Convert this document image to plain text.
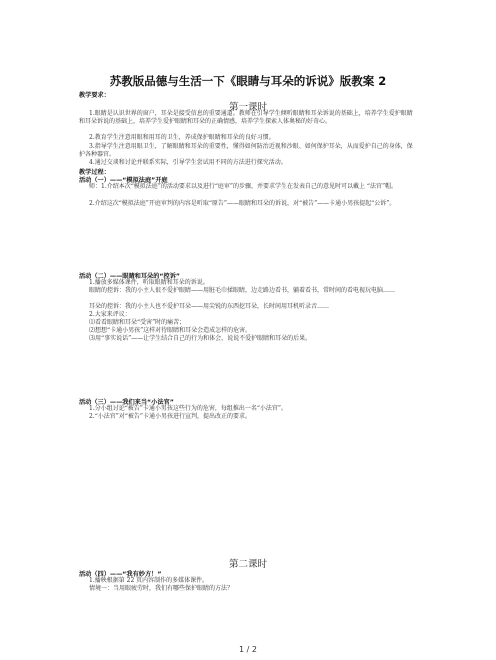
苏教版品德与生活一下《眼睛与耳朵的诉说》版教案 2
教学要求：
第一课时
1.眼睛是认识世界的窗户，耳朵是接受信息的重要通道。教师在引导学生倾听眼睛和耳朵诉说的基础上，培养学生爱护眼睛和耳朵诉说的基础上，培养学生爱护眼睛和耳朵的正确情感，培养学生探索人体奥秘的好奇心。
2.教育学生注意用眼和用耳的卫生，养成保护眼睛和耳朵的良好习惯。
3.指导学生注意用眼卫生，了解眼睛和耳朵的重要性，懂得如何防治近视和沙眼、如何保护耳朵，从而爱护自己的身体，保护各种器官。
4.通过交谈和讨论并联系实际，引导学生尝试用不同的方法进行探究活动。
教学过程：
活动（一）——“模拟法庭”开庭
师：1.介绍本次“模拟法庭”的活动要求以及进行“庭审”的步骤，并要求学生在发表自己的意见时可以戴上 “法官”帽。
2.介绍这次“模拟法庭”开庭审判的内容是听取“原告”——眼睛和耳朵的诉说，对“被告”——卡通小男孩提起“公诉”。
活动（二）——眼睛和耳朵的“控诉”
1.播放多媒体课件，听取眼睛和耳朵的诉说。
眼睛的控诉：我的小主人很不爱护眼睛——用脏毛巾揉眼睛，边走路边看书，躺着看书，常时间的看电视玩电脑……
耳朵的控诉：我的小主人也不爱护耳朵——用尖锐的东西挖耳朵，长时间用耳机听录音……
2.大家来评议：
⑴看看眼睛和耳朵“受害”时的痛苦；
⑵想想“卡通小男孩”这样对待眼睛和耳朵会造成怎样的危害。
⑶用“事实说话”——让学生结合自己的行为和体会，说说不爱护眼睛和耳朵的后果。
活动（三）——我们来当“小法官”
1.分小组讨论“被告”卡通小男孩这些行为的危害，每组推出一名“小法官”。
2.“小法官”对“被告”卡通小男孩进行宣判，提出改正的要求。
第二课时
活动（四）——“我有妙方！”
1.播映根据第 22 页内容制作的多媒体课件。
情境一：当用眼疲劳时，我们有哪些保护眼睛的方法？
1 / 2
